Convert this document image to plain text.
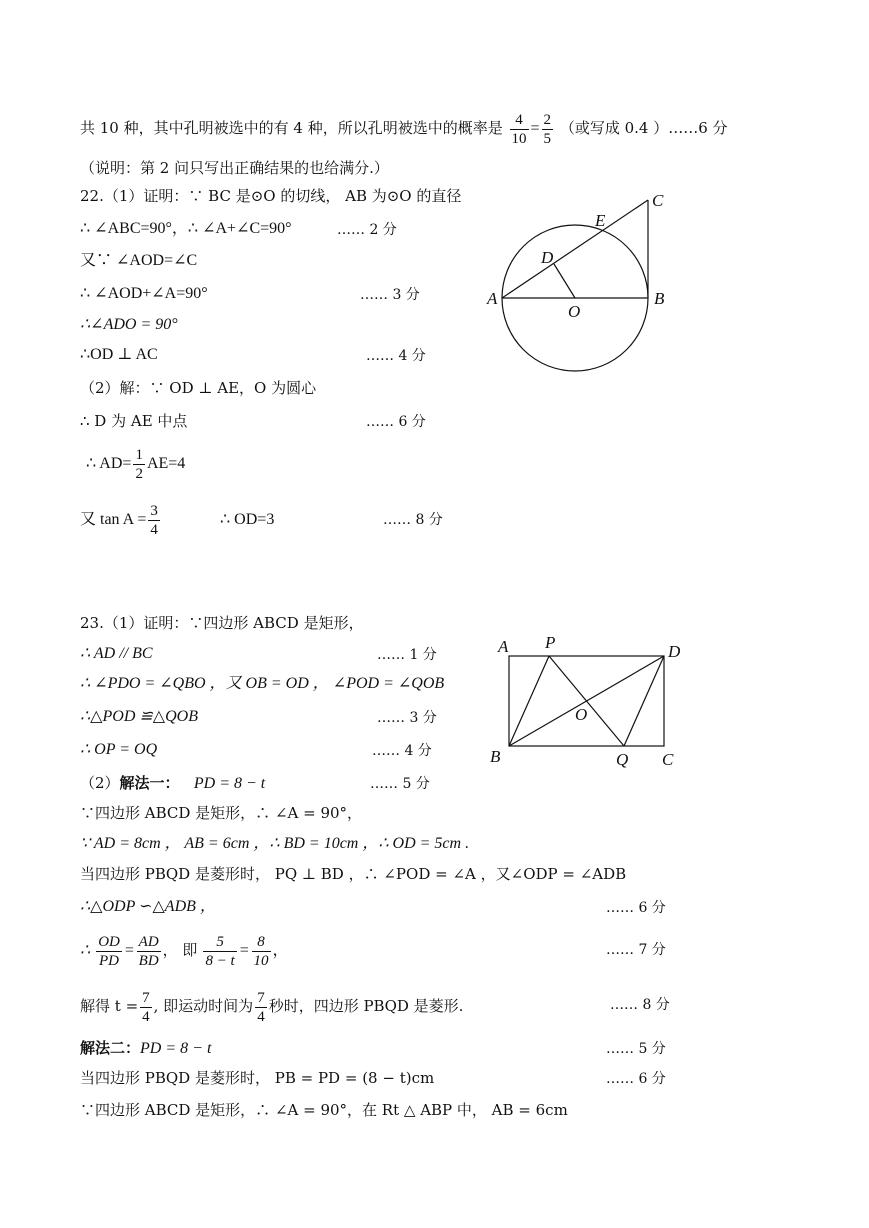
共 10 种，其中孔明被选中的有 4 种，所以孔明被选中的概率是 $\frac{4}{10} = \frac{2}{5}$ （或写成 0.4 ）……6 分
（说明：第 2 问只写出正确结果的也给满分.）
22.（1）证明：∵ BC 是⊙O 的切线， AB 为⊙O 的直径
∴ ∠ABC=90°，∴ ∠A+∠C=90°	…… 2 分
又∵ ∠AOD=∠C
∴ ∠AOD+∠A=90°	…… 3 分
∴∠ADO = 90°
∴OD ⊥ AC	…… 4 分
（2）解：∵ OD ⊥ AE，O 为圆心
∴ D 为 AE 中点	…… 6 分
∴ $AD= \frac{1}{2} AE=4$
又 $\tan A = \frac{3}{4}$	∴ OD=3	…… 8 分
A	B
C
D
E
O
23.（1）证明：∵四边形 ABCD 是矩形，
∴ AD // BC	…… 1 分
∴ ∠PDO = ∠QBO ，又 OB = OD ， ∠POD = ∠QOB
∴△POD ≌△QOB	…… 3 分
∴ OP = OQ	…… 4 分
（2）解法一： PD = 8 − t	…… 5 分
∵四边形 ABCD 是矩形，∴ ∠A = 90°，
∵ AD = 8cm ， AB = 6cm ，∴ BD = 10cm ，∴ OD = 5cm .
当四边形 PBQD 是菱形时， PQ ⊥ BD ，∴ ∠POD = ∠A ，又∠ODP = ∠ADB
∴△ODP ∽△ADB ，	…… 6 分
∴ $\frac{OD}{PD} = \frac{AD}{BD}$ ， 即 $\frac{5}{8 - t} = \frac{8}{10}$ ，	…… 7 分
解得 $t = \frac{7}{4}$ , 即运动时间为 $\frac{7}{4}$ 秒时，四边形 PBQD 是菱形.	…… 8 分
解法二：PD = 8 − t	…… 5 分
当四边形 PBQD 是菱形时， PB = PD = (8 − t)cm	…… 6 分
∵四边形 ABCD 是矩形，∴ ∠A = 90°，在 Rt △ ABP 中， AB = 6cm
A P	D
B	Q C
O
